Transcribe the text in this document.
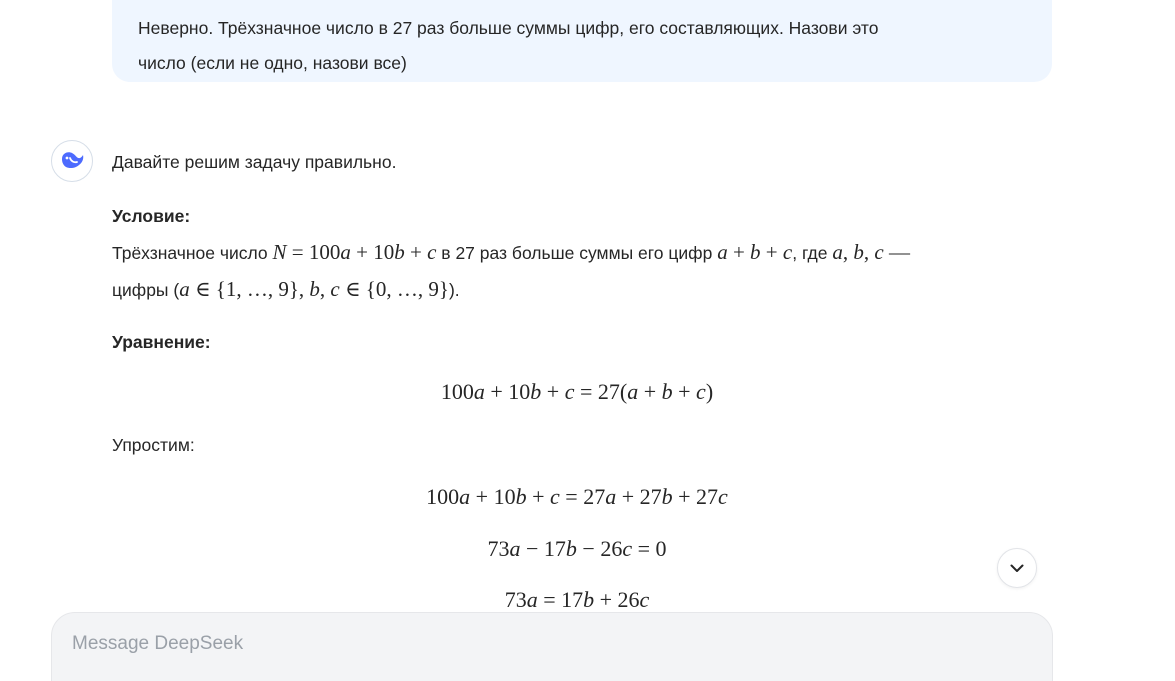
Неверно. Трёхзначное число в 27 раз больше суммы цифр, его составляющих. Назови это
число (если не одно, назови все)

Давайте решим задачу правильно.

Условие:

Трёхзначное число N = 100a + 10b + c в 27 раз больше суммы его цифр a + b + c, где a, b, c —
цифры (a ∈ {1, …, 9}, b, c ∈ {0, …, 9}).

Уравнение:

100a + 10b + c = 27(a + b + c)

Упростим:

100a + 10b + c = 27a + 27b + 27c
73a − 17b − 26c = 0
73a = 17b + 26c
Message DeepSeek
